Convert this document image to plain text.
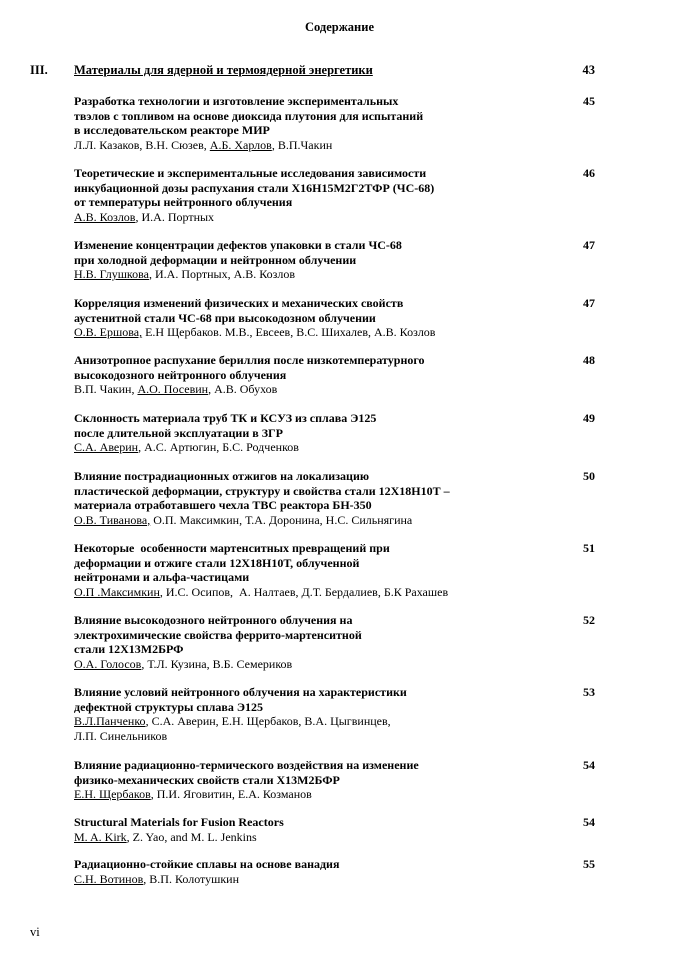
Содержание
III. Материалы для ядерной и термоядерной энергетики	43
Разработка технологии и изготовление экспериментальных
твэлов с топливом на основе диоксида плутония для испытаний
в исследовательском реакторе МИР
Л.Л. Казаков, В.Н. Сюзев, А.Б. Харлов, В.П.Чакин
45
Теоретические и экспериментальные исследования зависимости
инкубационной дозы распухания стали Х16Н15М2Г2ТФР (ЧС-68)
от температуры нейтронного облучения
А.В. Козлов, И.А. Портных
46
Изменение концентрации дефектов упаковки в стали ЧС-68
при холодной деформации и нейтронном облучении
Н.В. Глушкова, И.А. Портных, А.В. Козлов
47
Корреляция изменений физических и механических свойств
аустенитной стали ЧС-68 при высокодозном облучении
О.В. Ершова, Е.Н Щербаков. М.В., Евсеев, В.С. Шихалев, А.В. Козлов
47
Анизотропное распухание бериллия после низкотемпературного
высокодозного нейтронного облучения
В.П. Чакин, А.О. Посевин, А.В. Обухов
48
Склонность материала труб ТК и КСУЗ из сплава Э125
после длительной эксплуатации в ЗГР
С.А. Аверин, А.С. Артюгин, Б.С. Родченков
49
Влияние пострадиационных отжигов на локализацию
пластической деформации, структуру и свойства стали 12Х18Н10Т –
материала отработавшего чехла ТВС реактора БН-350
О.В. Тиванова, О.П. Максимкин, Т.А. Доронина, Н.С. Сильнягина
50
Некоторые  особенности мартенситных превращений при
деформации и отжиге стали 12Х18Н10Т, облученной
нейтронами и альфа-частицами
О.П .Максимкин, И.С. Осипов,  А. Налтаев, Д.Т. Бердалиев, Б.К Рахашев
51
Влияние высокодозного нейтронного облучения на
электрохимические свойства феррито-мартенситной
стали 12Х13М2БРФ
О.А. Голосов, Т.Л. Кузина, В.Б. Семериков
52
Влияние условий нейтронного облучения на характеристики
дефектной структуры сплава Э125
В.Л.Панченко, С.А. Аверин, Е.Н. Щербаков, В.А. Цыгвинцев,
Л.П. Синельников
53
Влияние радиационно-термического воздействия на изменение
физико-механических свойств стали Х13М2БФР
Е.Н. Щербаков, П.И. Яговитин, Е.А. Козманов
54
Structural Materials for Fusion Reactors
M. A. Kirk, Z. Yao, and M. L. Jenkins
54
Радиационно-стойкие сплавы на основе ванадия
С.Н. Вотинов, В.П. Колотушкин
55
vi
